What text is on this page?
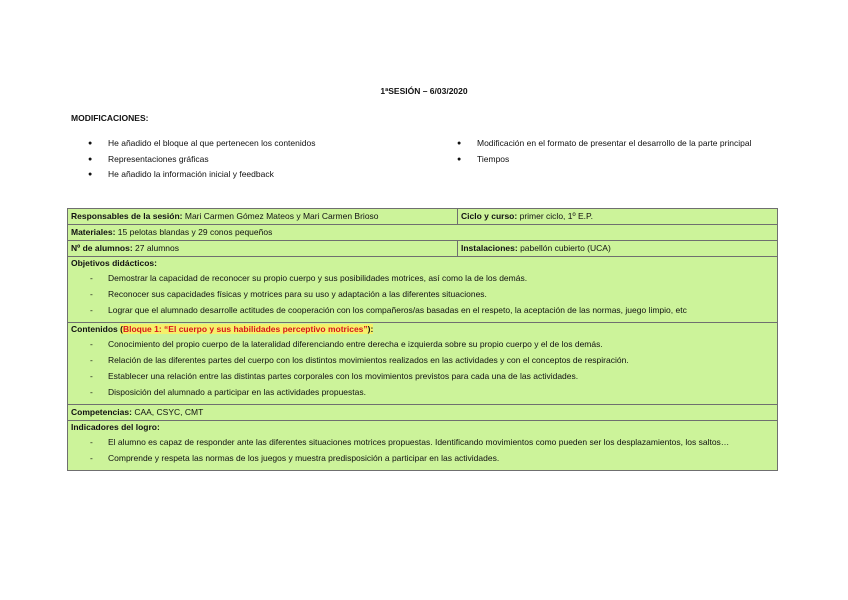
1ªSESIÓN – 6/03/2020
MODIFICACIONES:
● He añadido el bloque al que pertenecen los contenidos
● Representaciones gráficas
● He añadido la información inicial y feedback
● Modificación en el formato de presentar el desarrollo de la parte principal
● Tiempos
Responsables de la sesión: Mari Carmen Gómez Mateos y Mari Carmen Brioso	Ciclo y curso: primer ciclo, 1º E.P.
Materiales: 15 pelotas blandas y 29 conos pequeños
Nº de alumnos: 27 alumnos	Instalaciones: pabellón cubierto (UCA)
Objetivos didácticos:
- Demostrar la capacidad de reconocer su propio cuerpo y sus posibilidades motrices, así como la de los demás.
- Reconocer sus capacidades físicas y motrices para su uso y adaptación a las diferentes situaciones.
- Lograr que el alumnado desarrolle actitudes de cooperación con los compañeros/as basadas en el respeto, la aceptación de las normas, juego limpio, etc
Contenidos (Bloque 1: “El cuerpo y sus habilidades perceptivo motrices”):
- Conocimiento del propio cuerpo de la lateralidad diferenciando entre derecha e izquierda sobre su propio cuerpo y el de los demás.
- Relación de las diferentes partes del cuerpo con los distintos movimientos realizados en las actividades y con el conceptos de respiración.
- Establecer una relación entre las distintas partes corporales con los movimientos previstos para cada una de las actividades.
- Disposición del alumnado a participar en las actividades propuestas.
Competencias: CAA, CSYC, CMT
Indicadores del logro:
- El alumno es capaz de responder ante las diferentes situaciones motrices propuestas. Identificando movimientos como pueden ser los desplazamientos, los saltos…
- Comprende y respeta las normas de los juegos y muestra predisposición a participar en las actividades.
